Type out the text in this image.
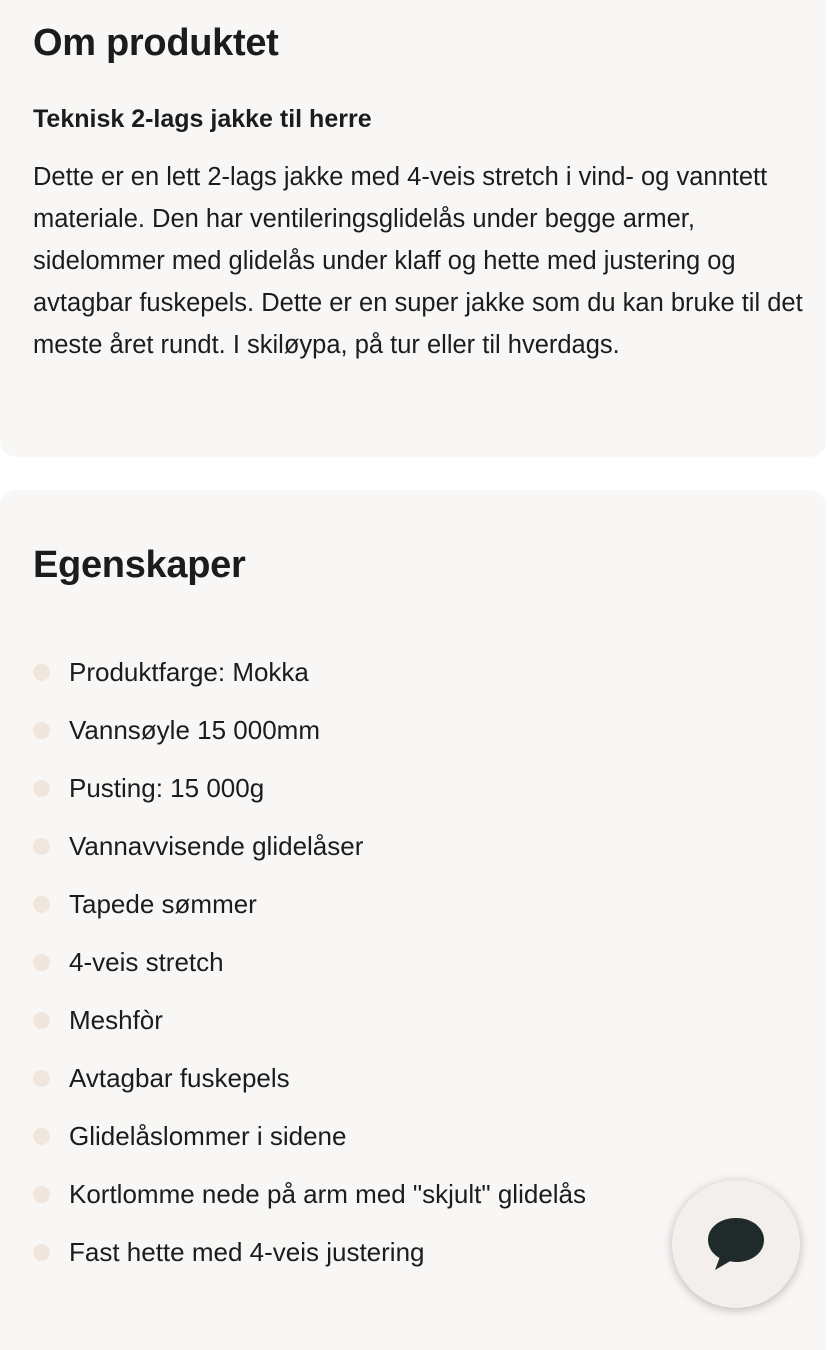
Om produktet
Teknisk 2-lags jakke til herre

Dette er en lett 2-lags jakke med 4-veis stretch i vind- og vanntett materiale. Den har ventileringsglidelås under begge armer, sidelommer med glidelås under klaff og hette med justering og avtagbar fuskepels. Dette er en super jakke som du kan bruke til det meste året rundt. I skiløypa, på tur eller til hverdags.

Egenskaper
Produktfarge: Mokka
Vannsøyle 15 000mm
Pusting: 15 000g
Vannavvisende glidelåser
Tapede sømmer
4-veis stretch
Meshfòr
Avtagbar fuskepels
Glidelåslommer i sidene
Kortlomme nede på arm med "skjult" glidelås
Fast hette med 4-veis justering
